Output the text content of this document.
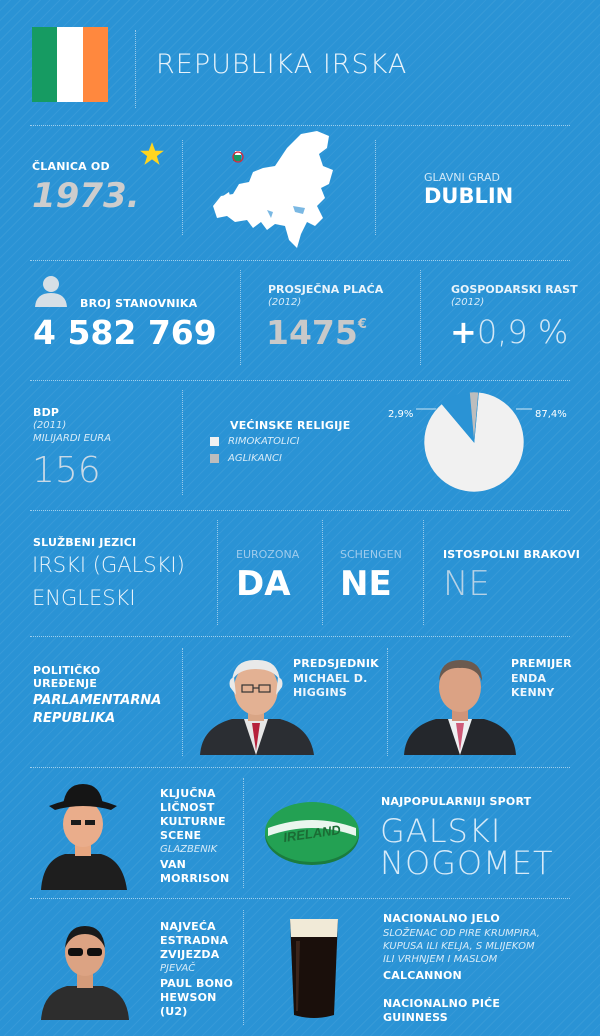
REPUBLIKA IRSKA
ČLANICA OD
1973.	GLAVNI GRAD
DUBLIN
BROJ STANOVNIKA
4 582 769
PROSJEČNA PLAĆA
(2012)
1475€
GOSPODARSKI RAST
(2012)
+0,9 %
BDP
(2011)
MILIJARDI EURA
156
VEĆINSKE RELIGIJE
RIMOKATOLICI
AGLIKANCI
2,9%	87,4%
SLUŽBENI JEZICI
IRSKI (GALSKI)
ENGLESKI
EUROZONA
DA
SCHENGEN
NE
ISTOSPOLNI BRAKOVI
NE
POLITIČKO
UREĐENJE
PARLAMENTARNA
REPUBLIKA
PREDSJEDNIK
MICHAEL D.
HIGGINS
PREMIJER
ENDA
KENNY
KLJUČNA
LIČNOST
KULTURNE
SCENE
GLAZBENIK
VAN
MORRISON
IRELAND
NAJPOPULARNIJI SPORT
GALSKI
NOGOMET
NAJVEĆA
ESTRADNA
ZVIJEZDA
PJEVAČ
PAUL BONO
HEWSON
(U2)
NACIONALNO JELO
SLOŽENAC OD PIRE KRUMPIRA,
KUPUSA ILI KELJA, S MLIJEKOM
ILI VRHNJEM I MASLOM
CALCANNON
NACIONALNO PIĆE
GUINNESS
